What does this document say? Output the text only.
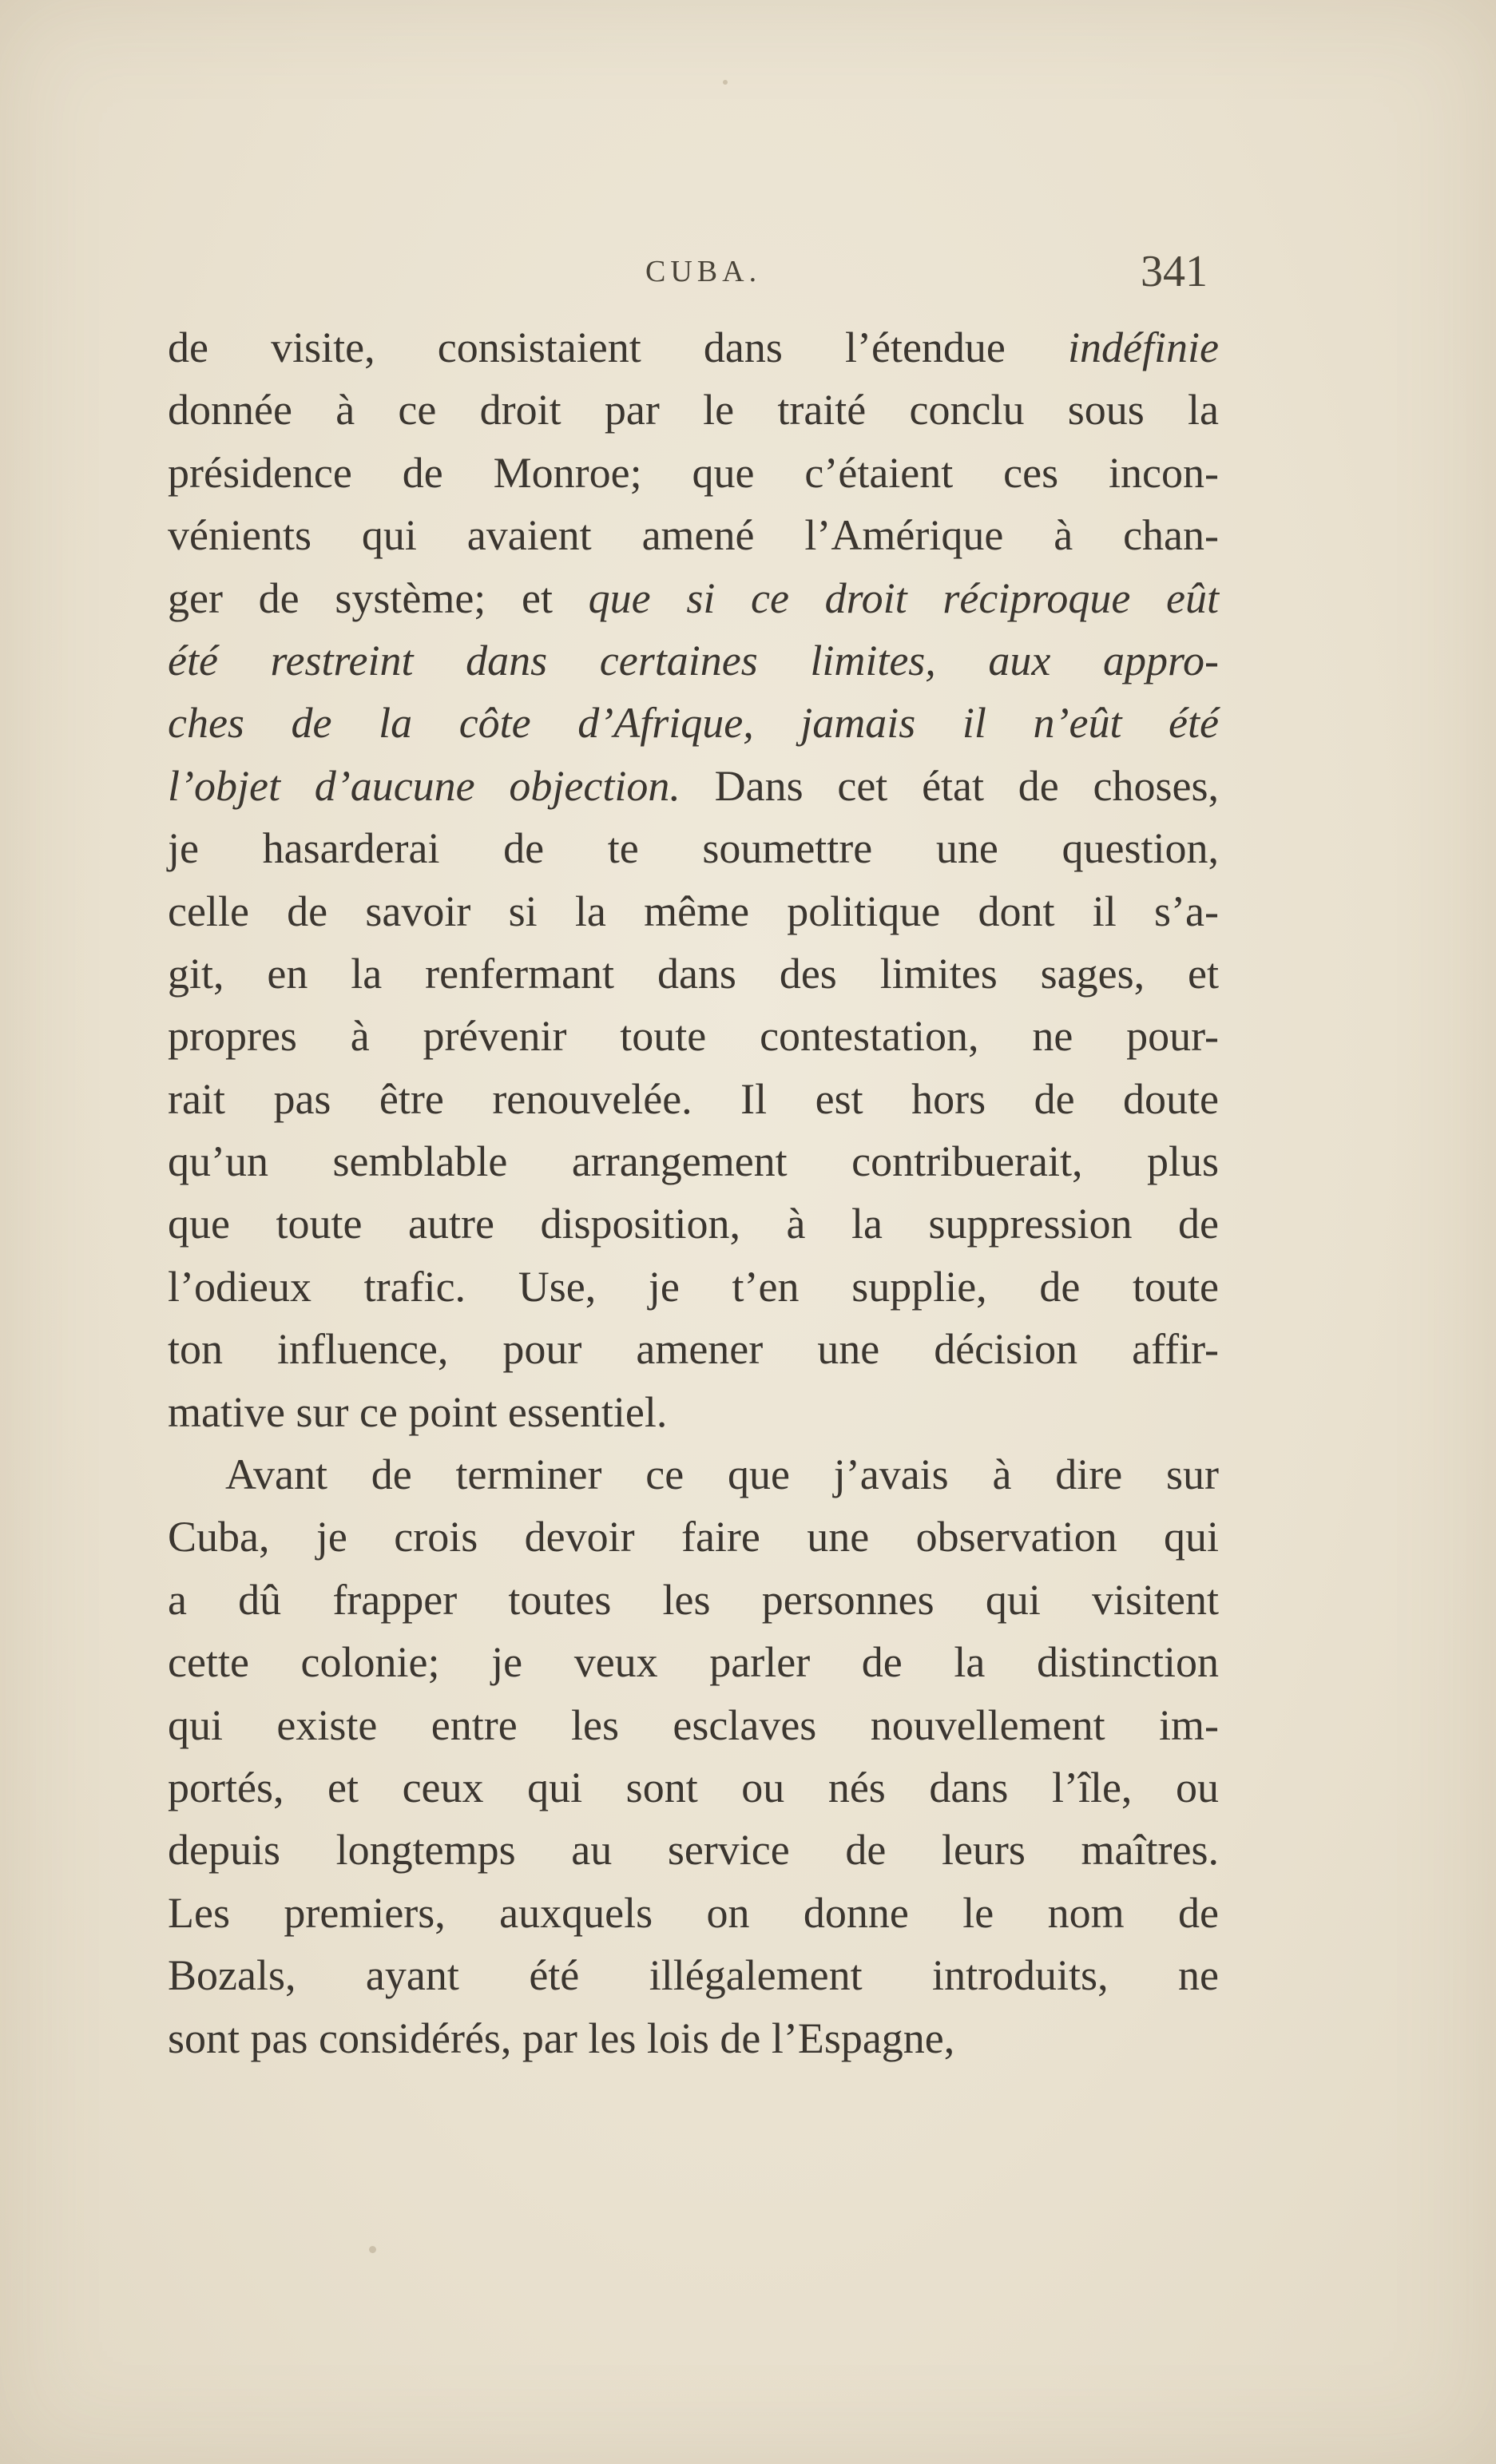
CUBA.	341
de visite, consistaient dans l’étendue indéfinie
donnée à ce droit par le traité conclu sous la
présidence de Monroe; que c’étaient ces incon-
vénients qui avaient amené l’Amérique à chan-
ger de système; et que si ce droit réciproque eût
été restreint dans certaines limites, aux appro-
ches de la côte d’Afrique, jamais il n’eût été
l’objet d’aucune objection. Dans cet état de choses,
je hasarderai de te soumettre une question,
celle de savoir si la même politique dont il s’a-
git, en la renfermant dans des limites sages, et
propres à prévenir toute contestation, ne pour-
rait pas être renouvelée. Il est hors de doute
qu’un semblable arrangement contribuerait, plus
que toute autre disposition, à la suppression de
l’odieux trafic. Use, je t’en supplie, de toute
ton influence, pour amener une décision affir-
mative sur ce point essentiel.
Avant de terminer ce que j’avais à dire sur
Cuba, je crois devoir faire une observation qui
a dû frapper toutes les personnes qui visitent
cette colonie; je veux parler de la distinction
qui existe entre les esclaves nouvellement im-
portés, et ceux qui sont ou nés dans l’île, ou
depuis longtemps au service de leurs maîtres.
Les premiers, auxquels on donne le nom de
Bozals, ayant été illégalement introduits, ne
sont pas considérés, par les lois de l’Espagne,
